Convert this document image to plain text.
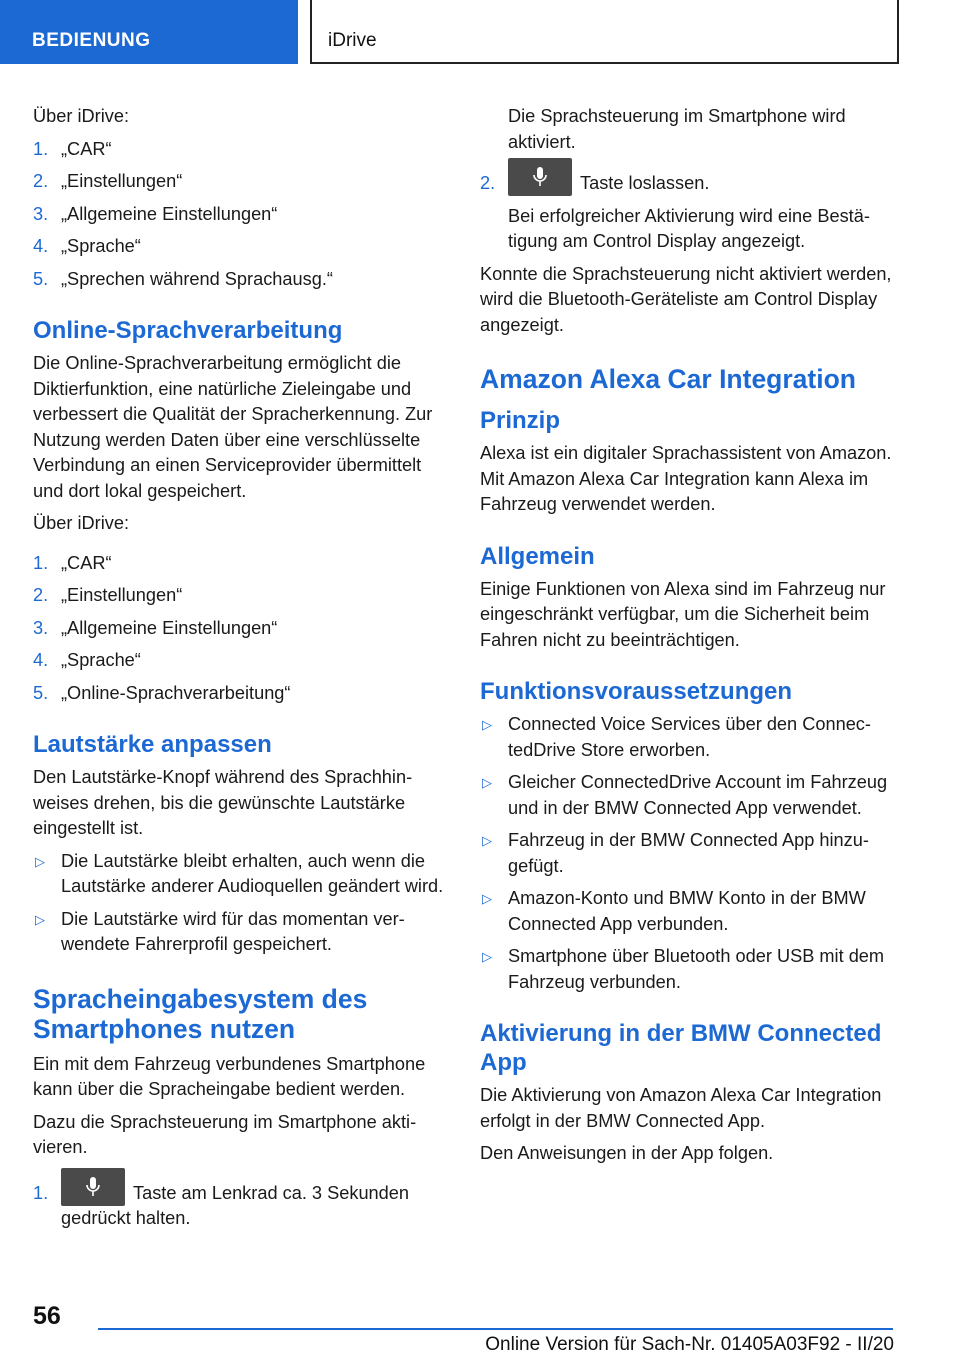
BEDIENUNG	iDrive

Über iDrive:

1. „CAR“
2. „Einstellungen“
3. „Allgemeine Einstellungen“
4. „Sprache“
5. „Sprechen während Sprachausg.“
Online-Sprachverarbeitung

Die Online-Sprachverarbeitung ermöglicht die Diktierfunktion, eine natürliche Zieleingabe und verbessert die Qualität der Spracherkennung. Zur Nutzung werden Daten über eine verschlüsselte Verbindung an einen Serviceprovider übermittelt und dort lokal gespeichert.

Über iDrive:

1. „CAR“
2. „Einstellungen“
3. „Allgemeine Einstellungen“
4. „Sprache“
5. „Online-Sprachverarbeitung“
Lautstärke anpassen

Den Lautstärke-Knopf während des Sprachhinweises drehen, bis die gewünschte Lautstärke eingestellt ist.

▷ Die Lautstärke bleibt erhalten, auch wenn die Lautstärke anderer Audioquellen geändert wird.
▷ Die Lautstärke wird für das momentan verwendete Fahrerprofil gespeichert.
Spracheingabesystem des Smartphones nutzen

Ein mit dem Fahrzeug verbundenes Smartphone kann über die Spracheingabe bedient werden.

Dazu die Sprachsteuerung im Smartphone aktivieren.

1.	Taste am Lenkrad ca. 3 Sekunden gedrückt halten.

Die Sprachsteuerung im Smartphone wird aktiviert.

2.	Taste loslassen.

Bei erfolgreicher Aktivierung wird eine Bestätigung am Control Display angezeigt.

Konnte die Sprachsteuerung nicht aktiviert werden, wird die Bluetooth-Geräteliste am Control Display angezeigt.

Amazon Alexa Car Integration
Prinzip

Alexa ist ein digitaler Sprachassistent von Amazon. Mit Amazon Alexa Car Integration kann Alexa im Fahrzeug verwendet werden.

Allgemein

Einige Funktionen von Alexa sind im Fahrzeug nur eingeschränkt verfügbar, um die Sicherheit beim Fahren nicht zu beeinträchtigen.

Funktionsvoraussetzungen
▷ Connected Voice Services über den ConnectedDrive Store erworben.
▷ Gleicher ConnectedDrive Account im Fahrzeug und in der BMW Connected App verwendet.
▷ Fahrzeug in der BMW Connected App hinzugefügt.
▷ Amazon-Konto und BMW Konto in der BMW Connected App verbunden.
▷ Smartphone über Bluetooth oder USB mit dem Fahrzeug verbunden.
Aktivierung in der BMW Connected App

Die Aktivierung von Amazon Alexa Car Integration erfolgt in der BMW Connected App.

Den Anweisungen in der App folgen.

56
Online Version für Sach-Nr. 01405A03F92 - II/20
